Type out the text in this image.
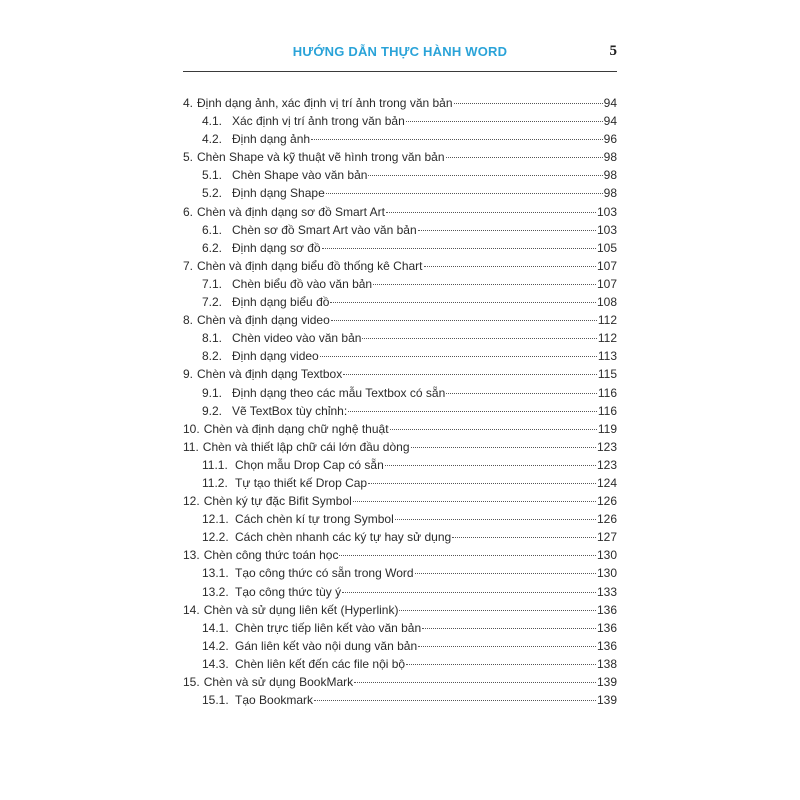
HƯỚNG DẪN THỰC HÀNH WORD	5
4. Định dạng ảnh, xác định vị trí ảnh trong văn bản	94
4.1. Xác định vị trí ảnh trong văn bản	94
4.2. Định dạng ảnh	96
5. Chèn Shape và kỹ thuật vẽ hình trong văn bản	98
5.1. Chèn Shape vào văn bản	98
5.2. Định dạng Shape	98
6. Chèn và định dạng sơ đồ Smart Art	103
6.1. Chèn sơ đồ Smart Art vào văn bản	103
6.2. Định dạng sơ đồ	105
7. Chèn và định dạng biểu đồ thống kê Chart	107
7.1. Chèn biểu đồ vào văn bản	107
7.2. Định dạng biểu đồ	108
8. Chèn và định dạng video	112
8.1. Chèn video vào văn bản	112
8.2. Định dạng video	113
9. Chèn và định dạng Textbox	115
9.1. Định dạng theo các mẫu Textbox có sẵn	116
9.2. Vẽ TextBox tùy chỉnh:	116
10. Chèn và định dạng chữ nghệ thuật	119
11. Chèn và thiết lập chữ cái lớn đầu dòng	123
11.1. Chọn mẫu Drop Cap có sẵn	123
11.2. Tự tạo thiết kế Drop Cap	124
12. Chèn ký tự đặc Bifit Symbol	126
12.1. Cách chèn kí tự trong Symbol	126
12.2. Cách chèn nhanh các ký tự hay sử dụng	127
13. Chèn công thức toán học	130
13.1. Tạo công thức có sẵn trong Word	130
13.2. Tạo công thức tùy ý	133
14. Chèn và sử dụng liên kết (Hyperlink)	136
14.1. Chèn trực tiếp liên kết vào văn bản	136
14.2. Gán liên kết vào nội dung văn bản	136
14.3. Chèn liên kết đến các file nội bộ	138
15. Chèn và sử dụng BookMark	139
15.1. Tạo Bookmark	139
